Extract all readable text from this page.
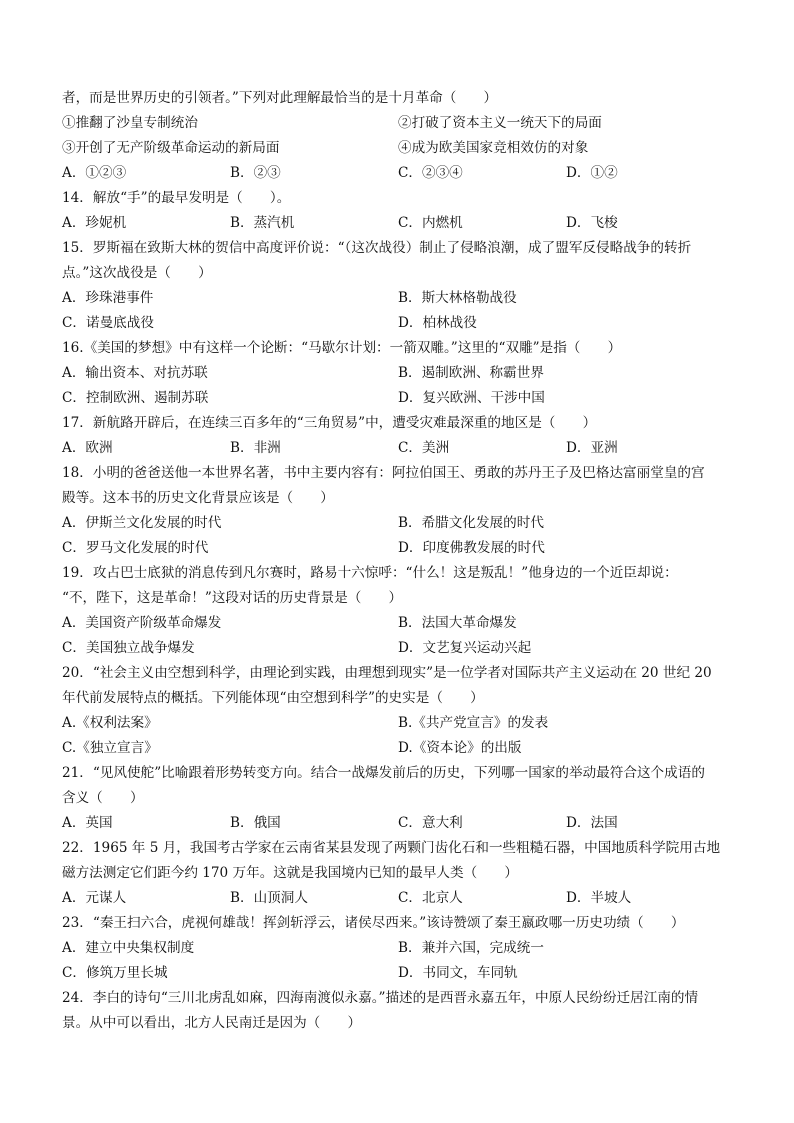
者，而是世界历史的引领者。”下列对此理解最恰当的是十月革命（　　）
①推翻了沙皇专制统治	②打破了资本主义一统天下的局面
③开创了无产阶级革命运动的新局面	④成为欧美国家竞相效仿的对象
A．①②③	B．②③	C．②③④	D．①②
14．解放“手”的最早发明是（　　）。
A．珍妮机	B．蒸汽机	C．内燃机	D．飞梭
15．罗斯福在致斯大林的贺信中高度评价说：“（这次战役）制止了侵略浪潮，成了盟军反侵略战争的转折
点。”这次战役是（　　）
A．珍珠港事件	B．斯大林格勒战役
C．诺曼底战役	D．柏林战役
16.《美国的梦想》中有这样一个论断：“马歇尔计划：一箭双雕。”这里的“双雕”是指（　　）
A．输出资本、对抗苏联	B．遏制欧洲、称霸世界
C．控制欧洲、遏制苏联	D．复兴欧洲、干涉中国
17．新航路开辟后，在连续三百多年的“三角贸易”中，遭受灾难最深重的地区是（　　）
A．欧洲	B．非洲	C．美洲	D．亚洲
18．小明的爸爸送他一本世界名著，书中主要内容有：阿拉伯国王、勇敢的苏丹王子及巴格达富丽堂皇的宫
殿等。这本书的历史文化背景应该是（　　）
A．伊斯兰文化发展的时代	B．希腊文化发展的时代
C．罗马文化发展的时代	D．印度佛教发展的时代
19．攻占巴士底狱的消息传到凡尔赛时，路易十六惊呼：“什么！这是叛乱！”他身边的一个近臣却说：
“不，陛下，这是革命！”这段对话的历史背景是（　　）
A．美国资产阶级革命爆发	B．法国大革命爆发
C．美国独立战争爆发	D．文艺复兴运动兴起
20．“社会主义由空想到科学，由理论到实践，由理想到现实”是一位学者对国际共产主义运动在 20 世纪 20
年代前发展特点的概括。下列能体现“由空想到科学”的史实是（　　）
A.《权利法案》	B.《共产党宣言》的发表
C.《独立宣言》	D.《资本论》的出版
21．“见风使舵”比喻跟着形势转变方向。结合一战爆发前后的历史，下列哪一国家的举动最符合这个成语的
含义（　　）
A．英国	B．俄国	C．意大利	D．法国
22．1965 年 5 月，我国考古学家在云南省某县发现了两颗门齿化石和一些粗糙石器，中国地质科学院用古地
磁方法测定它们距今约 170 万年。这就是我国境内已知的最早人类（　　）
A．元谋人	B．山顶洞人	C．北京人	D．半坡人
23．“秦王扫六合，虎视何雄哉！挥剑斩浮云，诸侯尽西来。”该诗赞颂了秦王嬴政哪一历史功绩（　　）
A．建立中央集权制度	B．兼并六国，完成统一
C．修筑万里长城	D．书同文，车同轨
24．李白的诗句“三川北虏乱如麻，四海南渡似永嘉。”描述的是西晋永嘉五年，中原人民纷纷迁居江南的情
景。从中可以看出，北方人民南迁是因为（　　）
